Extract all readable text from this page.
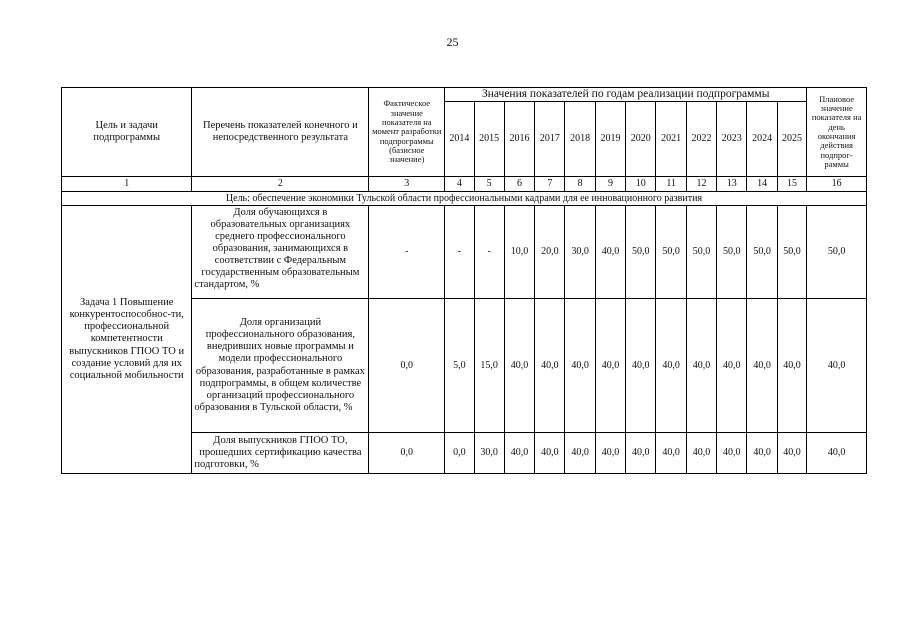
25
Цель и задачи подпрограммы	Перечень показателей конечного и непосредственного результата	Фактическое значение показателя на момент разработки подпрограммы (базисное значение)	Значения показателей по годам реализации подпрограммы												Плановое значение показателя на день окончания действия подпрог-раммы
			2014	2015	2016	2017	2018	2019	2020	2021	2022	2023	2024	2025	
1	2	3	4	5	6	7	8	9	10	11	12	13	14	15	16
Цель: обеспечение экономики Тульской области профессиональными кадрами для ее инновационного развития															
Задача 1 Повышение конкурентоспособнос-ти, профессиональной компетентности выпускников ГПОО ТО и создание условий для их социальной мобильности	Доля обучающихся в образовательных организациях среднего профессионального образования, занимающихся в соответствии с Федеральным государственным образовательным стандартом, %	-	-	-	10,0	20,0	30,0	40,0	50,0	50,0	50,0	50,0	50,0	50,0	50,0
	Доля организаций профессионального образования, внедривших новые программы и модели профессионального образования, разработанные в рамках подпрограммы, в общем количестве организаций профессионального образования в Тульской области, %	0,0	5,0	15,0	40,0	40,0	40,0	40,0	40,0	40,0	40,0	40,0	40,0	40,0	40,0
	Доля выпускников ГПОО ТО, прошедших сертификацию качества подготовки, %	0,0	0,0	30,0	40,0	40,0	40,0	40,0	40,0	40,0	40,0	40,0	40,0	40,0	40,0
